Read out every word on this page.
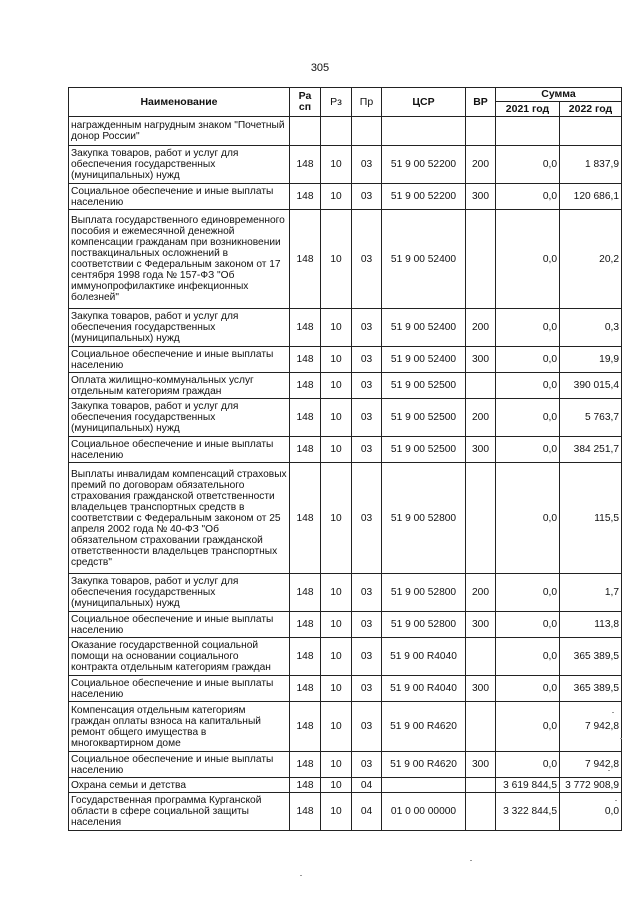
305
Наименование	Ра сп	Рз	Пр	ЦСР	ВР	Сумма	
						2021 год	2022 год
награжденным нагрудным знаком "Почетный донор России"							
Закупка товаров, работ и услуг для обеспечения государственных (муниципальных) нужд	148	10	03	51 9 00 52200	200	0,0	1 837,9
Социальное обеспечение и иные выплаты населению	148	10	03	51 9 00 52200	300	0,0	120 686,1
Выплата государственного единовременного пособия и ежемесячной денежной компенсации гражданам при возникновении поствакцинальных осложнений в соответствии с Федеральным законом от 17 сентября 1998 года № 157-ФЗ "Об иммунопрофилактике инфекционных болезней"	148	10	03	51 9 00 52400		0,0	20,2
Закупка товаров, работ и услуг для обеспечения государственных (муниципальных) нужд	148	10	03	51 9 00 52400	200	0,0	0,3
Социальное обеспечение и иные выплаты населению	148	10	03	51 9 00 52400	300	0,0	19,9
Оплата жилищно-коммунальных услуг отдельным категориям граждан	148	10	03	51 9 00 52500		0,0	390 015,4
Закупка товаров, работ и услуг для обеспечения государственных (муниципальных) нужд	148	10	03	51 9 00 52500	200	0,0	5 763,7
Социальное обеспечение и иные выплаты населению	148	10	03	51 9 00 52500	300	0,0	384 251,7
Выплаты инвалидам компенсаций страховых премий по договорам обязательного страхования гражданской ответственности владельцев транспортных средств в соответствии с Федеральным законом от 25 апреля 2002 года № 40-ФЗ "Об обязательном страховании гражданской ответственности владельцев транспортных средств"	148	10	03	51 9 00 52800		0,0	115,5
Закупка товаров, работ и услуг для обеспечения государственных (муниципальных) нужд	148	10	03	51 9 00 52800	200	0,0	1,7
Социальное обеспечение и иные выплаты населению	148	10	03	51 9 00 52800	300	0,0	113,8
Оказание государственной социальной помощи на основании социального контракта отдельным категориям граждан	148	10	03	51 9 00 R4040		0,0	365 389,5
Социальное обеспечение и иные выплаты населению	148	10	03	51 9 00 R4040	300	0,0	365 389,5
Компенсация отдельным категориям граждан оплаты взноса на капитальный ремонт общего имущества в многоквартирном доме	148	10	03	51 9 00 R4620		0,0	7 942,8
Социальное обеспечение и иные выплаты населению	148	10	03	51 9 00 R4620	300	0,0	7 942,8
Охрана семьи и детства	148	10	04			3 619 844,5	3 772 908,9
Государственная программа Курганской области в сфере социальной защиты населения	148	10	04	01 0 00 00000		3 322 844,5	0,0
